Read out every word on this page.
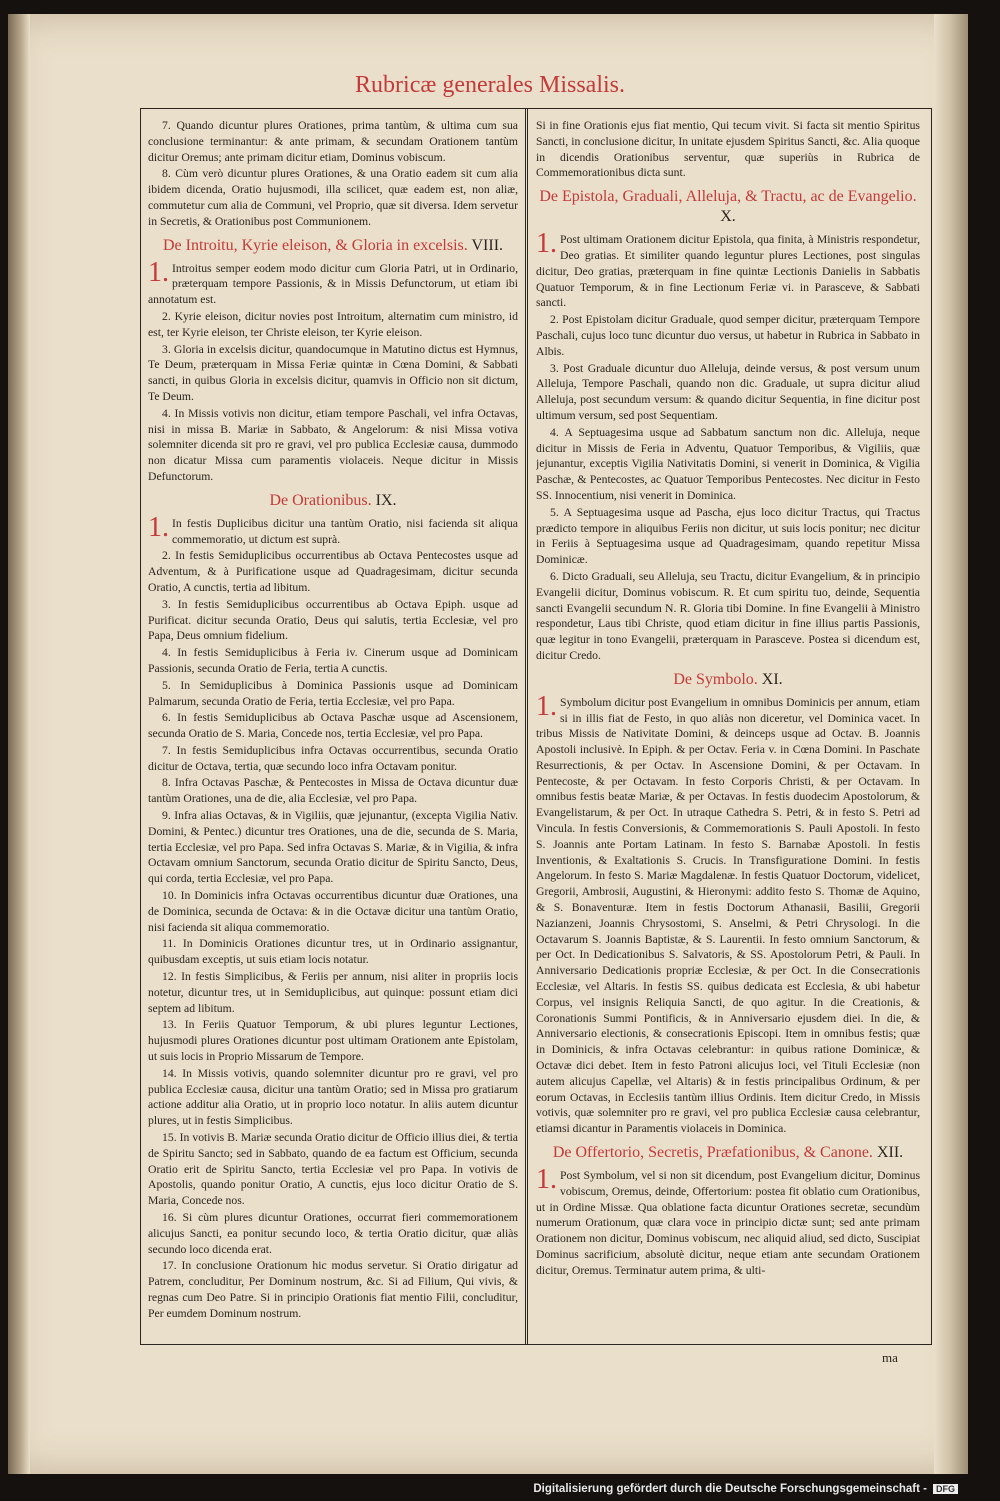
Rubricæ generales Missalis.

7. Quando dicuntur plures Orationes, prima tantùm, & ultima cum sua conclusione terminantur: & ante primam, & secundam Orationem tantùm dicitur Oremus; ante primam dicitur etiam, Dominus vobiscum.

8. Cùm verò dicuntur plures Orationes, & una Oratio eadem sit cum alia ibidem dicenda, Oratio hujusmodi, illa scilicet, quæ eadem est, non aliæ, commutetur cum alia de Communi, vel Proprio, quæ sit diversa. Idem servetur in Secretis, & Orationibus post Communionem.

De Introitu, Kyrie eleison, & Gloria in excelsis. VIII.

1.Introitus semper eodem modo dicitur cum Gloria Patri, ut in Ordinario, præterquam tempore Passionis, & in Missis Defunctorum, ut etiam ibi annotatum est.

2. Kyrie eleison, dicitur novies post Introitum, alternatim cum ministro, id est, ter Kyrie eleison, ter Christe eleison, ter Kyrie eleison.

3. Gloria in excelsis dicitur, quandocumque in Matutino dictus est Hymnus, Te Deum, præterquam in Missa Feriæ quintæ in Cœna Domini, & Sabbati sancti, in quibus Gloria in excelsis dicitur, quamvis in Officio non sit dictum, Te Deum.

4. In Missis votivis non dicitur, etiam tempore Paschali, vel infra Octavas, nisi in missa B. Mariæ in Sabbato, & Angelorum: & nisi Missa votiva solemniter dicenda sit pro re gravi, vel pro publica Ecclesiæ causa, dummodo non dicatur Missa cum paramentis violaceis. Neque dicitur in Missis Defunctorum.

De Orationibus. IX.

1.In festis Duplicibus dicitur una tantùm Oratio, nisi facienda sit aliqua commemoratio, ut dictum est suprà.

2. In festis Semiduplicibus occurrentibus ab Octava Pentecostes usque ad Adventum, & à Purificatione usque ad Quadragesimam, dicitur secunda Oratio, A cunctis, tertia ad libitum.

3. In festis Semiduplicibus occurrentibus ab Octava Epiph. usque ad Purificat. dicitur secunda Oratio, Deus qui salutis, tertia Ecclesiæ, vel pro Papa, Deus omnium fidelium.

4. In festis Semiduplicibus à Feria iv. Cinerum usque ad Dominicam Passionis, secunda Oratio de Feria, tertia A cunctis.

5. In Semiduplicibus à Dominica Passionis usque ad Dominicam Palmarum, secunda Oratio de Feria, tertia Ecclesiæ, vel pro Papa.

6. In festis Semiduplicibus ab Octava Paschæ usque ad Ascensionem, secunda Oratio de S. Maria, Concede nos, tertia Ecclesiæ, vel pro Papa.

7. In festis Semiduplicibus infra Octavas occurrentibus, secunda Oratio dicitur de Octava, tertia, quæ secundo loco infra Octavam ponitur.

8. Infra Octavas Paschæ, & Pentecostes in Missa de Octava dicuntur duæ tantùm Orationes, una de die, alia Ecclesiæ, vel pro Papa.

9. Infra alias Octavas, & in Vigiliis, quæ jejunantur, (excepta Vigilia Nativ. Domini, & Pentec.) dicuntur tres Orationes, una de die, secunda de S. Maria, tertia Ecclesiæ, vel pro Papa. Sed infra Octavas S. Mariæ, & in Vigilia, & infra Octavam omnium Sanctorum, secunda Oratio dicitur de Spiritu Sancto, Deus, qui corda, tertia Ecclesiæ, vel pro Papa.

10. In Dominicis infra Octavas occurrentibus dicuntur duæ Orationes, una de Dominica, secunda de Octava: & in die Octavæ dicitur una tantùm Oratio, nisi facienda sit aliqua commemoratio.

11. In Dominicis Orationes dicuntur tres, ut in Ordinario assignantur, quibusdam exceptis, ut suis etiam locis notatur.

12. In festis Simplicibus, & Feriis per annum, nisi aliter in propriis locis notetur, dicuntur tres, ut in Semiduplicibus, aut quinque: possunt etiam dici septem ad libitum.

13. In Feriis Quatuor Temporum, & ubi plures leguntur Lectiones, hujusmodi plures Orationes dicuntur post ultimam Orationem ante Epistolam, ut suis locis in Proprio Missarum de Tempore.

14. In Missis votivis, quando solemniter dicuntur pro re gravi, vel pro publica Ecclesiæ causa, dicitur una tantùm Oratio; sed in Missa pro gratiarum actione additur alia Oratio, ut in proprio loco notatur. In aliis autem dicuntur plures, ut in festis Simplicibus.

15. In votivis B. Mariæ secunda Oratio dicitur de Officio illius diei, & tertia de Spiritu Sancto; sed in Sabbato, quando de ea factum est Officium, secunda Oratio erit de Spiritu Sancto, tertia Ecclesiæ vel pro Papa. In votivis de Apostolis, quando ponitur Oratio, A cunctis, ejus loco dicitur Oratio de S. Maria, Concede nos.

16. Si cùm plures dicuntur Orationes, occurrat fieri commemorationem alicujus Sancti, ea ponitur secundo loco, & tertia Oratio dicitur, quæ aliàs secundo loco dicenda erat.

17. In conclusione Orationum hic modus servetur. Si Oratio dirigatur ad Patrem, concluditur, Per Dominum nostrum, &c. Si ad Filium, Qui vivis, & regnas cum Deo Patre. Si in principio Orationis fiat mentio Filii, concluditur, Per eumdem Dominum nostrum.

Si in fine Orationis ejus fiat mentio, Qui tecum vivit. Si facta sit mentio Spiritus Sancti, in conclusione dicitur, In unitate ejusdem Spiritus Sancti, &c. Alia quoque in dicendis Orationibus serventur, quæ superiùs in Rubrica de Commemorationibus dicta sunt.

De Epistola, Graduali, Alleluja, & Tractu, ac de Evangelio. X.

1.Post ultimam Orationem dicitur Epistola, qua finita, à Ministris respondetur, Deo gratias. Et similiter quando leguntur plures Lectiones, post singulas dicitur, Deo gratias, præterquam in fine quintæ Lectionis Danielis in Sabbatis Quatuor Temporum, & in fine Lectionum Feriæ vi. in Parasceve, & Sabbati sancti.

2. Post Epistolam dicitur Graduale, quod semper dicitur, præterquam Tempore Paschali, cujus loco tunc dicuntur duo versus, ut habetur in Rubrica in Sabbato in Albis.

3. Post Graduale dicuntur duo Alleluja, deinde versus, & post versum unum Alleluja, Tempore Paschali, quando non dic. Graduale, ut supra dicitur aliud Alleluja, post secundum versum: & quando dicitur Sequentia, in fine dicitur post ultimum versum, sed post Sequentiam.

4. A Septuagesima usque ad Sabbatum sanctum non dic. Alleluja, neque dicitur in Missis de Feria in Adventu, Quatuor Temporibus, & Vigiliis, quæ jejunantur, exceptis Vigilia Nativitatis Domini, si venerit in Dominica, & Vigilia Paschæ, & Pentecostes, ac Quatuor Temporibus Pentecostes. Nec dicitur in Festo SS. Innocentium, nisi venerit in Dominica.

5. A Septuagesima usque ad Pascha, ejus loco dicitur Tractus, qui Tractus prædicto tempore in aliquibus Feriis non dicitur, ut suis locis ponitur; nec dicitur in Feriis à Septuagesima usque ad Quadragesimam, quando repetitur Missa Dominicæ.

6. Dicto Graduali, seu Alleluja, seu Tractu, dicitur Evangelium, & in principio Evangelii dicitur, Dominus vobiscum. R. Et cum spiritu tuo, deinde, Sequentia sancti Evangelii secundum N. R. Gloria tibi Domine. In fine Evangelii à Ministro respondetur, Laus tibi Christe, quod etiam dicitur in fine illius partis Passionis, quæ legitur in tono Evangelii, præterquam in Parasceve. Postea si dicendum est, dicitur Credo.

De Symbolo. XI.

1.Symbolum dicitur post Evangelium in omnibus Dominicis per annum, etiam si in illis fiat de Festo, in quo aliàs non diceretur, vel Dominica vacet. In tribus Missis de Nativitate Domini, & deinceps usque ad Octav. B. Joannis Apostoli inclusivè. In Epiph. & per Octav. Feria v. in Cœna Domini. In Paschate Resurrectionis, & per Octav. In Ascensione Domini, & per Octavam. In Pentecoste, & per Octavam. In festo Corporis Christi, & per Octavam. In omnibus festis beatæ Mariæ, & per Octavas. In festis duodecim Apostolorum, & Evangelistarum, & per Oct. In utraque Cathedra S. Petri, & in festo S. Petri ad Vincula. In festis Conversionis, & Commemorationis S. Pauli Apostoli. In festo S. Joannis ante Portam Latinam. In festo S. Barnabæ Apostoli. In festis Inventionis, & Exaltationis S. Crucis. In Transfiguratione Domini. In festis Angelorum. In festo S. Mariæ Magdalenæ. In festis Quatuor Doctorum, videlicet, Gregorii, Ambrosii, Augustini, & Hieronymi: addito festo S. Thomæ de Aquino, & S. Bonaventuræ. Item in festis Doctorum Athanasii, Basilii, Gregorii Nazianzeni, Joannis Chrysostomi, S. Anselmi, & Petri Chrysologi. In die Octavarum S. Joannis Baptistæ, & S. Laurentii. In festo omnium Sanctorum, & per Oct. In Dedicationibus S. Salvatoris, & SS. Apostolorum Petri, & Pauli. In Anniversario Dedicationis propriæ Ecclesiæ, & per Oct. In die Consecrationis Ecclesiæ, vel Altaris. In festis SS. quibus dedicata est Ecclesia, & ubi habetur Corpus, vel insignis Reliquia Sancti, de quo agitur. In die Creationis, & Coronationis Summi Pontificis, & in Anniversario ejusdem diei. In die, & Anniversario electionis, & consecrationis Episcopi. Item in omnibus festis; quæ in Dominicis, & infra Octavas celebrantur: in quibus ratione Dominicæ, & Octavæ dici debet. Item in festo Patroni alicujus loci, vel Tituli Ecclesiæ (non autem alicujus Capellæ, vel Altaris) & in festis principalibus Ordinum, & per eorum Octavas, in Ecclesiis tantùm illius Ordinis. Item dicitur Credo, in Missis votivis, quæ solemniter pro re gravi, vel pro publica Ecclesiæ causa celebrantur, etiamsi dicantur in Paramentis violaceis in Dominica.

De Offertorio, Secretis, Præfationibus, & Canone. XII.

1.Post Symbolum, vel si non sit dicendum, post Evangelium dicitur, Dominus vobiscum, Oremus, deinde, Offertorium: postea fit oblatio cum Orationibus, ut in Ordine Missæ. Qua oblatione facta dicuntur Orationes secretæ, secundùm numerum Orationum, quæ clara voce in principio dictæ sunt; sed ante primam Orationem non dicitur, Dominus vobiscum, nec aliquid aliud, sed dicto, Suscipiat Dominus sacrificium, absolutè dicitur, neque etiam ante secundam Orationem dicitur, Oremus. Terminatur autem prima, & ulti-

ma
Digitalisierung gefördert durch die Deutsche Forschungsgemeinschaft - DFG
